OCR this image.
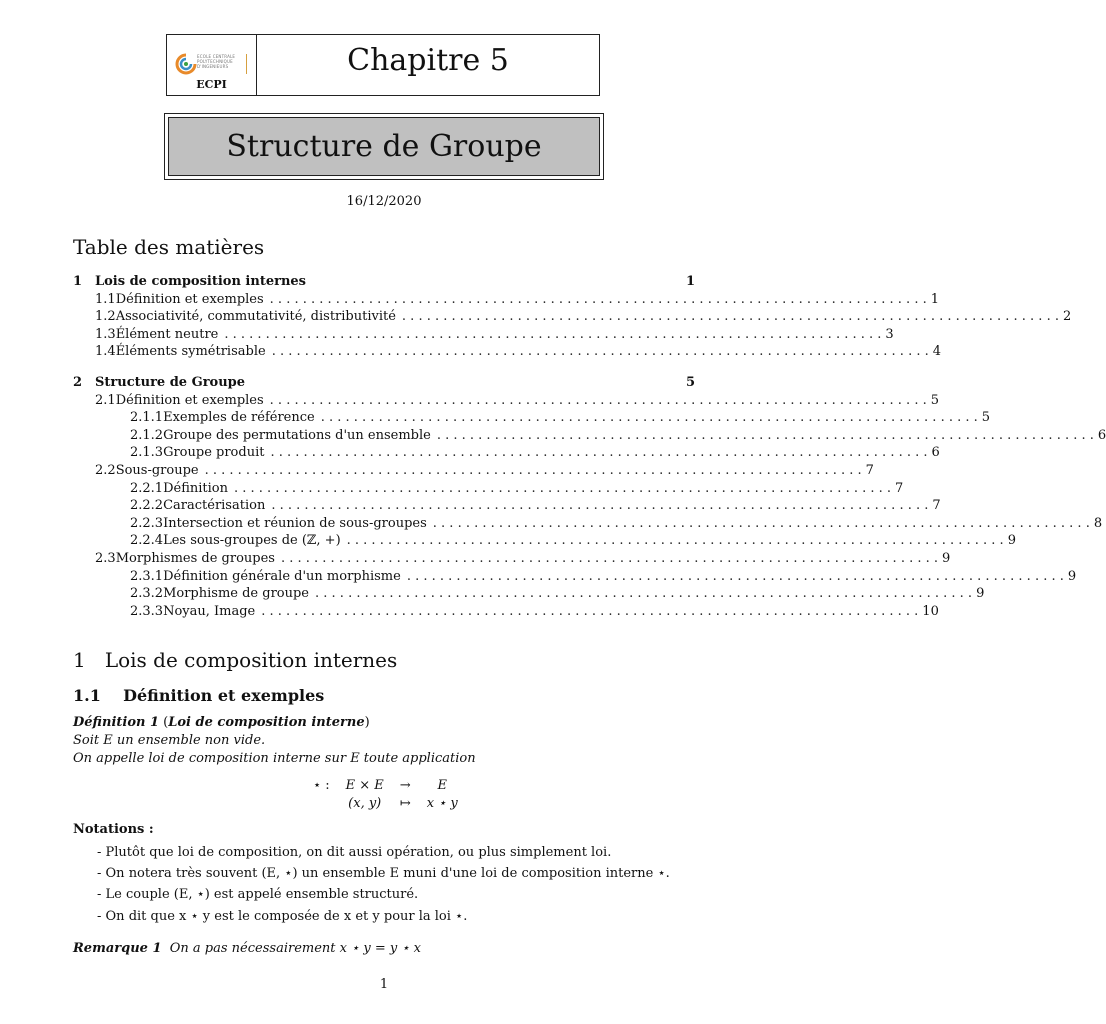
ECOLE CENTRALE
POLYTECHNIQUE
D'INGENIEURS
ECPI
Chapitre 5
Structure de Groupe
16/12/2020
Table des matières
1 Lois de composition internes	1
1.1 Définition et exemples . . . . . . . . . . . . . . . . . . . . . . . . . . . . . . . . . . . . . . . . . . . . . . . . . . . . . . . . . . . . . . . . . . . . . . . . . . . . . . . . 1
1.2 Associativité, commutativité, distributivité . . . . . . . . . . . . . . . . . . . . . . . . . . . . . . . . . . . . . . . . . . . . . . . . . . . . . . . . . . . . . . . . . . . . . . . . . . . . . . . . 2
1.3 Élément neutre . . . . . . . . . . . . . . . . . . . . . . . . . . . . . . . . . . . . . . . . . . . . . . . . . . . . . . . . . . . . . . . . . . . . . . . . . . . . . . . . 3
1.4 Éléments symétrisable . . . . . . . . . . . . . . . . . . . . . . . . . . . . . . . . . . . . . . . . . . . . . . . . . . . . . . . . . . . . . . . . . . . . . . . . . . . . . . . . 4
2 Structure de Groupe	5
2.1 Définition et exemples . . . . . . . . . . . . . . . . . . . . . . . . . . . . . . . . . . . . . . . . . . . . . . . . . . . . . . . . . . . . . . . . . . . . . . . . . . . . . . . . 5
2.1.1 Exemples de référence . . . . . . . . . . . . . . . . . . . . . . . . . . . . . . . . . . . . . . . . . . . . . . . . . . . . . . . . . . . . . . . . . . . . . . . . . . . . . . . . 5
2.1.2 Groupe des permutations d'un ensemble . . . . . . . . . . . . . . . . . . . . . . . . . . . . . . . . . . . . . . . . . . . . . . . . . . . . . . . . . . . . . . . . . . . . . . . . . . . . . . . . 6
2.1.3 Groupe produit . . . . . . . . . . . . . . . . . . . . . . . . . . . . . . . . . . . . . . . . . . . . . . . . . . . . . . . . . . . . . . . . . . . . . . . . . . . . . . . . 6
2.2 Sous-groupe . . . . . . . . . . . . . . . . . . . . . . . . . . . . . . . . . . . . . . . . . . . . . . . . . . . . . . . . . . . . . . . . . . . . . . . . . . . . . . . . 7
2.2.1 Définition . . . . . . . . . . . . . . . . . . . . . . . . . . . . . . . . . . . . . . . . . . . . . . . . . . . . . . . . . . . . . . . . . . . . . . . . . . . . . . . . 7
2.2.2 Caractérisation . . . . . . . . . . . . . . . . . . . . . . . . . . . . . . . . . . . . . . . . . . . . . . . . . . . . . . . . . . . . . . . . . . . . . . . . . . . . . . . . 7
2.2.3 Intersection et réunion de sous-groupes . . . . . . . . . . . . . . . . . . . . . . . . . . . . . . . . . . . . . . . . . . . . . . . . . . . . . . . . . . . . . . . . . . . . . . . . . . . . . . . . 8
2.2.4 Les sous-groupes de (ℤ, +) . . . . . . . . . . . . . . . . . . . . . . . . . . . . . . . . . . . . . . . . . . . . . . . . . . . . . . . . . . . . . . . . . . . . . . . . . . . . . . . . 9
2.3 Morphismes de groupes . . . . . . . . . . . . . . . . . . . . . . . . . . . . . . . . . . . . . . . . . . . . . . . . . . . . . . . . . . . . . . . . . . . . . . . . . . . . . . . . 9
2.3.1 Définition générale d'un morphisme . . . . . . . . . . . . . . . . . . . . . . . . . . . . . . . . . . . . . . . . . . . . . . . . . . . . . . . . . . . . . . . . . . . . . . . . . . . . . . . . 9
2.3.2 Morphisme de groupe . . . . . . . . . . . . . . . . . . . . . . . . . . . . . . . . . . . . . . . . . . . . . . . . . . . . . . . . . . . . . . . . . . . . . . . . . . . . . . . . 9
2.3.3 Noyau, Image . . . . . . . . . . . . . . . . . . . . . . . . . . . . . . . . . . . . . . . . . . . . . . . . . . . . . . . . . . . . . . . . . . . . . . . . . . . . . . . . 10
1 Lois de composition internes
1.1 Définition et exemples
Définition 1 (Loi de composition interne)
Soit E un ensemble non vide.
On appelle loi de composition interne sur E toute application
⋆ :	E × E	→	E
	(x, y)	↦	x ⋆ y
Notations :
- Plutôt que loi de composition, on dit aussi opération, ou plus simplement loi.
- On notera très souvent (E, ⋆) un ensemble E muni d'une loi de composition interne ⋆.
- Le couple (E, ⋆) est appelé ensemble structuré.
- On dit que x ⋆ y est le composée de x et y pour la loi ⋆.
Remarque 1 On a pas nécessairement x ⋆ y = y ⋆ x
1
